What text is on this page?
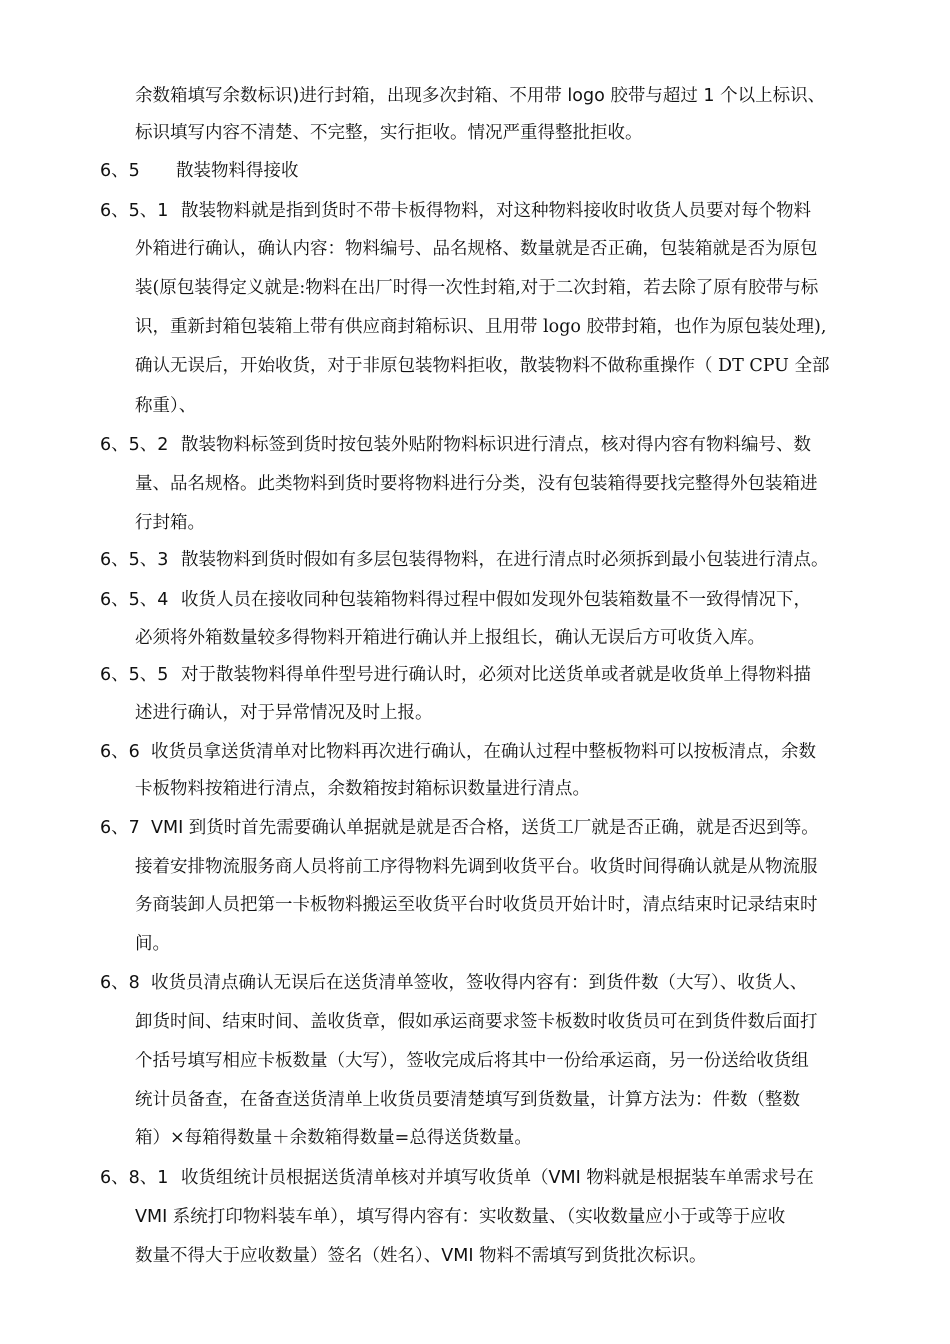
余数箱填写余数标识)进行封箱，出现多次封箱、不用带 logo 胶带与超过 1 个以上标识、
标识填写内容不清楚、不完整，实行拒收。情况严重得整批拒收。
6、5 散装物料得接收
6、5、1 散装物料就是指到货时不带卡板得物料，对这种物料接收时收货人员要对每个物料
外箱进行确认，确认内容：物料编号、品名规格、数量就是否正确，包装箱就是否为原包
装(原包装得定义就是:物料在出厂时得一次性封箱,对于二次封箱，若去除了原有胶带与标
识，重新封箱包装箱上带有供应商封箱标识、且用带 logo 胶带封箱，也作为原包装处理),
确认无误后，开始收货，对于非原包装物料拒收，散装物料不做称重操作（ DT CPU 全部
称重）、
6、5、2 散装物料标签到货时按包装外贴附物料标识进行清点，核对得内容有物料编号、数
量、品名规格。此类物料到货时要将物料进行分类，没有包装箱得要找完整得外包装箱进
行封箱。
6、5、3 散装物料到货时假如有多层包装得物料，在进行清点时必须拆到最小包装进行清点。
6、5、4 收货人员在接收同种包装箱物料得过程中假如发现外包装箱数量不一致得情况下，
必须将外箱数量较多得物料开箱进行确认并上报组长，确认无误后方可收货入库。
6、5、5 对于散装物料得单件型号进行确认时，必须对比送货单或者就是收货单上得物料描
述进行确认，对于异常情况及时上报。
6、6 收货员拿送货清单对比物料再次进行确认，在确认过程中整板物料可以按板清点，余数
卡板物料按箱进行清点，余数箱按封箱标识数量进行清点。
6、7 VMI 到货时首先需要确认单据就是就是否合格，送货工厂就是否正确，就是否迟到等。
接着安排物流服务商人员将前工序得物料先调到收货平台。收货时间得确认就是从物流服
务商装卸人员把第一卡板物料搬运至收货平台时收货员开始计时，清点结束时记录结束时
间。
6、8 收货员清点确认无误后在送货清单签收，签收得内容有：到货件数（大写）、收货人、
卸货时间、结束时间、盖收货章，假如承运商要求签卡板数时收货员可在到货件数后面打
个括号填写相应卡板数量（大写），签收完成后将其中一份给承运商，另一份送给收货组
统计员备查，在备查送货清单上收货员要清楚填写到货数量，计算方法为：件数（整数
箱）×每箱得数量＋余数箱得数量=总得送货数量。
6、8、1 收货组统计员根据送货清单核对并填写收货单（VMI 物料就是根据装车单需求号在
VMI 系统打印物料装车单），填写得内容有：实收数量、（实收数量应小于或等于应收
数量不得大于应收数量）签名（姓名）、VMI 物料不需填写到货批次标识。
